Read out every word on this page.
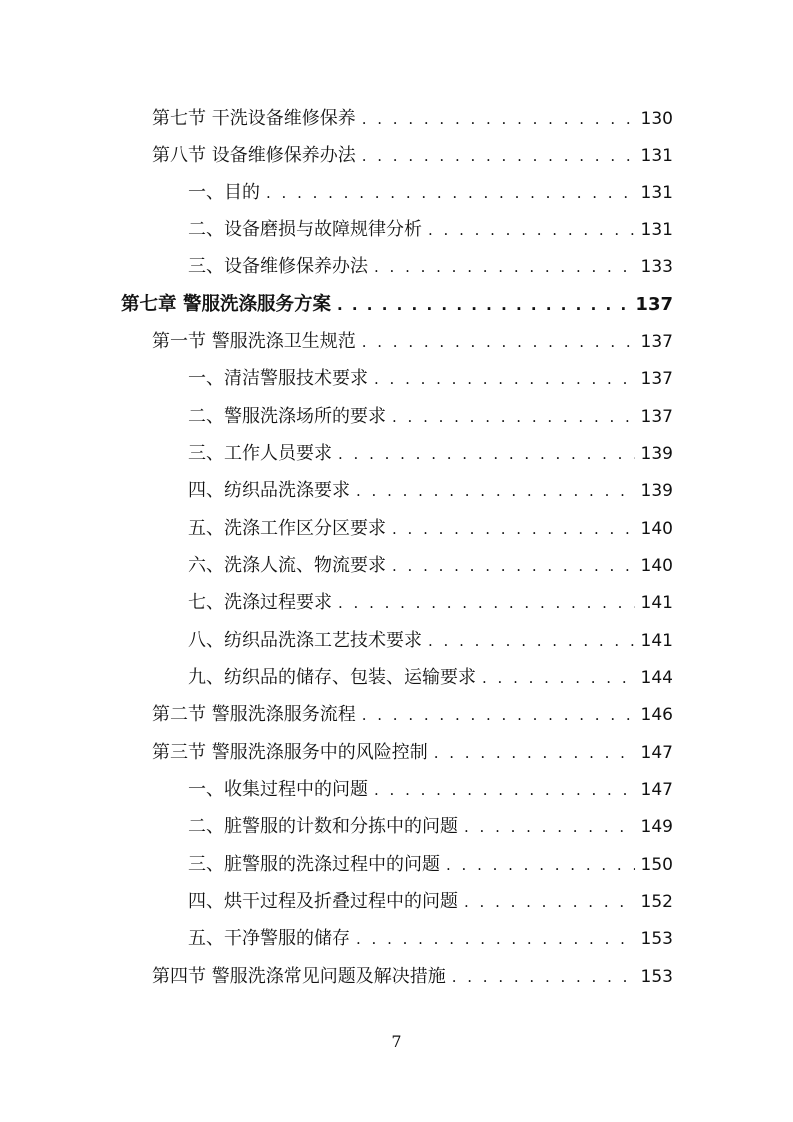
第七节 干洗设备维修保养 . . .	130
第八节 设备维修保养办法 . . .	131
一、目的 . . .	131
二、设备磨损与故障规律分析 . . .	131
三、设备维修保养办法 . . .	133
第七章 警服洗涤服务方案 . . .	137
第一节 警服洗涤卫生规范 . . .	137
一、清洁警服技术要求 . . .	137
二、警服洗涤场所的要求 . . .	137
三、工作人员要求 . . .	139
四、纺织品洗涤要求 . . .	139
五、洗涤工作区分区要求 . . .	140
六、洗涤人流、物流要求 . . .	140
七、洗涤过程要求 . . .	141
八、纺织品洗涤工艺技术要求 . . .	141
九、纺织品的储存、包装、运输要求 . . .	144
第二节 警服洗涤服务流程 . . .	146
第三节 警服洗涤服务中的风险控制 . . .	147
一、收集过程中的问题 . . .	147
二、脏警服的计数和分拣中的问题 . . .	149
三、脏警服的洗涤过程中的问题 . . .	150
四、烘干过程及折叠过程中的问题 . . .	152
五、干净警服的储存 . . .	153
第四节 警服洗涤常见问题及解决措施 . . .	153
7
